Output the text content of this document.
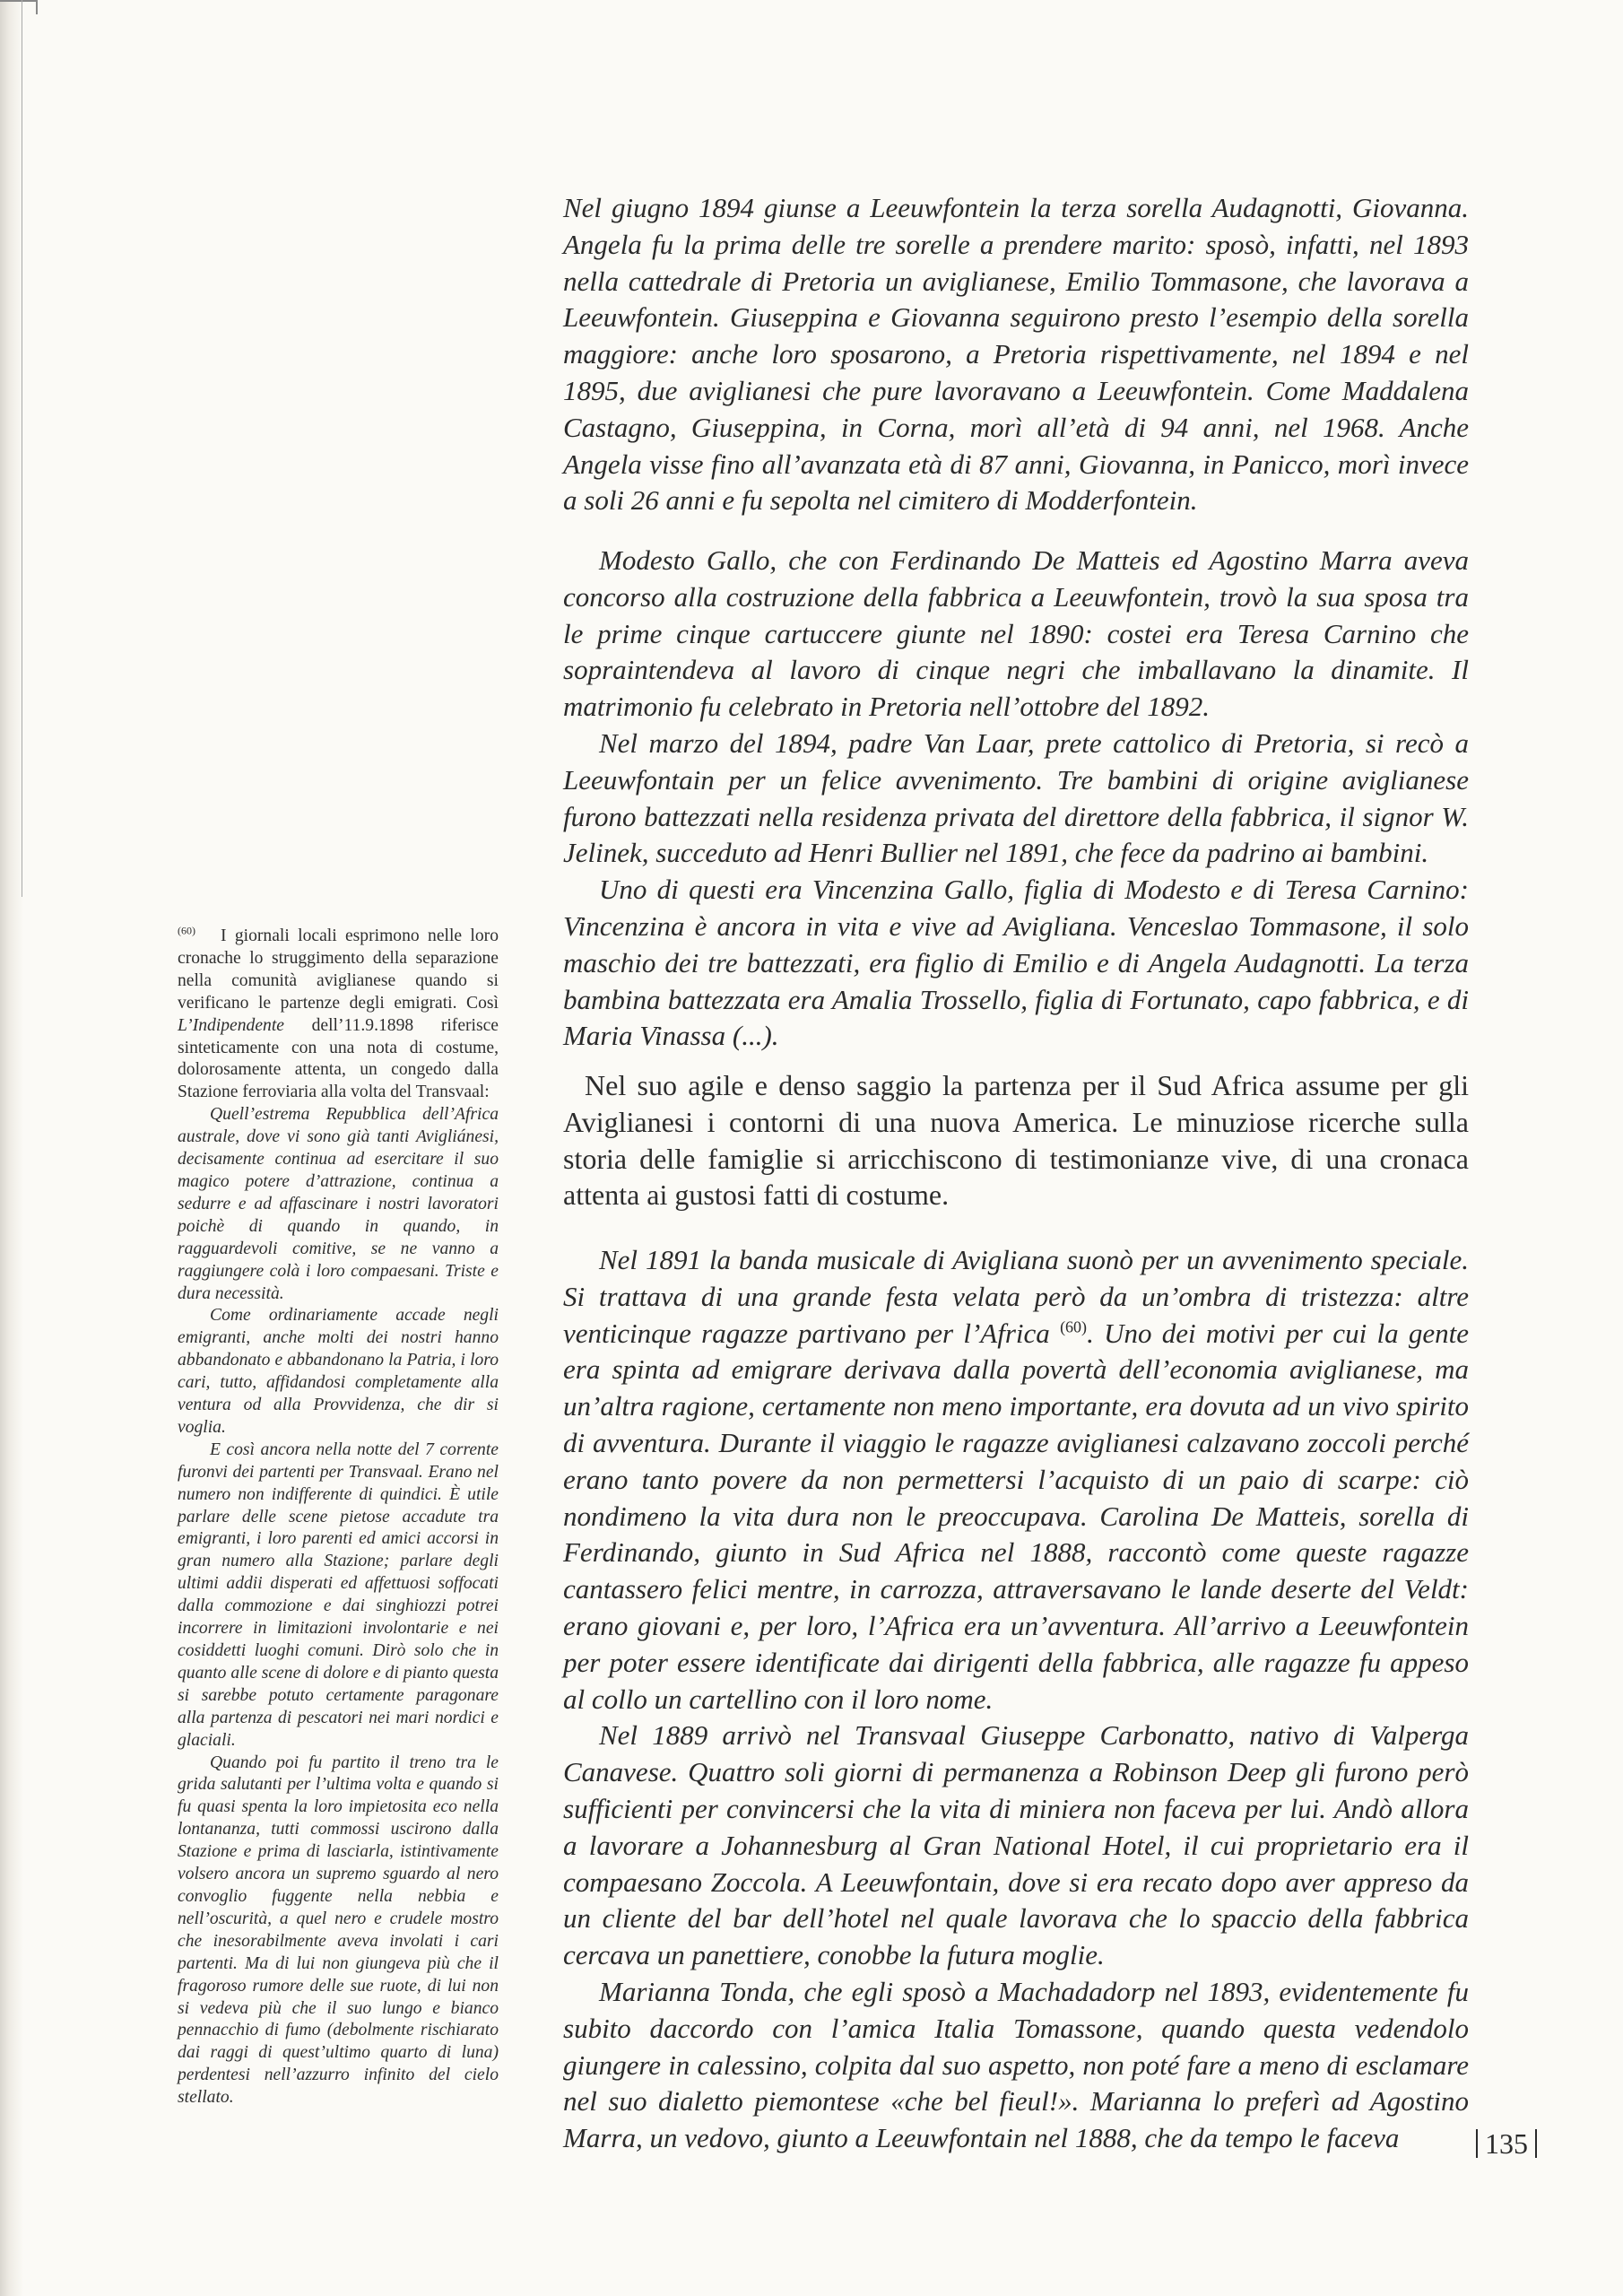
Nel giugno 1894 giunse a Leeuwfontein la terza sorella Audagnotti, Giovanna. Angela fu la prima delle tre sorelle a prendere marito: sposò, infatti, nel 1893 nella cattedrale di Pretoria un aviglianese, Emilio Tommasone, che lavorava a Leeuwfontein. Giuseppina e Giovanna seguirono presto l’esempio della sorella maggiore: anche loro sposarono, a Pretoria rispettivamente, nel 1894 e nel 1895, due aviglianesi che pure lavoravano a Leeuwfontein. Come Maddalena Castagno, Giuseppina, in Corna, morì all’età di 94 anni, nel 1968. Anche Angela visse fino all’avanzata età di 87 anni, Giovanna, in Panicco, morì invece a soli 26 anni e fu sepolta nel cimitero di Modderfontein.

Modesto Gallo, che con Ferdinando De Matteis ed Agostino Marra aveva concorso alla costruzione della fabbrica a Leeuwfontein, trovò la sua sposa tra le prime cinque cartuccere giunte nel 1890: costei era Teresa Carnino che sopraintendeva al lavoro di cinque negri che imballavano la dinamite. Il matrimonio fu celebrato in Pretoria nell’ottobre del 1892.

Nel marzo del 1894, padre Van Laar, prete cattolico di Pretoria, si recò a Leeuwfontain per un felice avvenimento. Tre bambini di origine aviglianese furono battezzati nella residenza privata del direttore della fabbrica, il signor W. Jelinek, succeduto ad Henri Bullier nel 1891, che fece da padrino ai bambini.

Uno di questi era Vincenzina Gallo, figlia di Modesto e di Teresa Carnino: Vincenzina è ancora in vita e vive ad Avigliana. Venceslao Tommasone, il solo maschio dei tre battezzati, era figlio di Emilio e di Angela Audagnotti. La terza bambina battezzata era Amalia Trossello, figlia di Fortunato, capo fabbrica, e di Maria Vinassa (...).

Nel suo agile e denso saggio la partenza per il Sud Africa assume per gli Aviglianesi i contorni di una nuova America. Le minuziose ricerche sulla storia delle famiglie si arricchiscono di testimonianze vive, di una cronaca attenta ai gustosi fatti di costume.

Nel 1891 la banda musicale di Avigliana suonò per un avvenimento speciale. Si trattava di una grande festa velata però da un’ombra di tristezza: altre venticinque ragazze partivano per l’Africa $^{(60)}$. Uno dei motivi per cui la gente era spinta ad emigrare derivava dalla povertà dell’economia aviglianese, ma un’altra ragione, certamente non meno importante, era dovuta ad un vivo spirito di avventura. Durante il viaggio le ragazze aviglianesi calzavano zoccoli perché erano tanto povere da non permettersi l’acquisto di un paio di scarpe: ciò nondimeno la vita dura non le preoccupava. Carolina De Matteis, sorella di Ferdinando, giunto in Sud Africa nel 1888, raccontò come queste ragazze cantassero felici mentre, in carrozza, attraversavano le lande deserte del Veldt: erano giovani e, per loro, l’Africa era un’avventura. All’arrivo a Leeuwfontein per poter essere identificate dai dirigenti della fabbrica, alle ragazze fu appeso al collo un cartellino con il loro nome.

Nel 1889 arrivò nel Transvaal Giuseppe Carbonatto, nativo di Valperga Canavese. Quattro soli giorni di permanenza a Robinson Deep gli furono però sufficienti per convincersi che la vita di miniera non faceva per lui. Andò allora a lavorare a Johannesburg al Gran National Hotel, il cui proprietario era il compaesano Zoccola. A Leeuwfontain, dove si era recato dopo aver appreso da un cliente del bar dell’hotel nel quale lavorava che lo spaccio della fabbrica cercava un panettiere, conobbe la futura moglie.

Marianna Tonda, che egli sposò a Machadadorp nel 1893, evidentemente fu subito daccordo con l’amica Italia Tomassone, quando questa vedendolo giungere in calessino, colpita dal suo aspetto, non poté fare a meno di esclamare nel suo dialetto piemontese «che bel fieul!». Marianna lo preferì ad Agostino Marra, un vedovo, giunto a Leeuwfontain nel 1888, che da tempo le faceva

$^{(60)}$ I giornali locali esprimono nelle loro cronache lo struggimento della separazione nella comunità aviglianese quando si verificano le partenze degli emigrati. Così L’Indipendente dell’11.9.1898 riferisce sinteticamente con una nota di costume, dolorosamente attenta, un congedo dalla Stazione ferroviaria alla volta del Transvaal:

Quell’estrema Repubblica dell’Africa australe, dove vi sono già tanti Avigliánesi, decisamente continua ad esercitare il suo magico potere d’attrazione, continua a sedurre e ad affascinare i nostri lavoratori poichè di quando in quando, in ragguardevoli comitive, se ne vanno a raggiungere colà i loro compaesani. Triste e dura necessità.

Come ordinariamente accade negli emigranti, anche molti dei nostri hanno abbandonato e abbandonano la Patria, i loro cari, tutto, affidandosi completamente alla ventura od alla Provvidenza, che dir si voglia.

E così ancora nella notte del 7 corrente furonvi dei partenti per Transvaal. Erano nel numero non indifferente di quindici. È utile parlare delle scene pietose accadute tra emigranti, i loro parenti ed amici accorsi in gran numero alla Stazione; parlare degli ultimi addii disperati ed affettuosi soffocati dalla commozione e dai singhiozzi potrei incorrere in limitazioni involontarie e nei cosiddetti luoghi comuni. Dirò solo che in quanto alle scene di dolore e di pianto questa si sarebbe potuto certamente paragonare alla partenza di pescatori nei mari nordici e glaciali.

Quando poi fu partito il treno tra le grida salutanti per l’ultima volta e quando si fu quasi spenta la loro impietosita eco nella lontananza, tutti commossi uscirono dalla Stazione e prima di lasciarla, istintivamente volsero ancora un supremo sguardo al nero convoglio fuggente nella nebbia e nell’oscurità, a quel nero e crudele mostro che inesorabilmente aveva involati i cari partenti. Ma di lui non giungeva più che il fragoroso rumore delle sue ruote, di lui non si vedeva più che il suo lungo e bianco pennacchio di fumo (debolmente rischiarato dai raggi di quest’ultimo quarto di luna) perdentesi nell’azzurro infinito del cielo stellato.

135
